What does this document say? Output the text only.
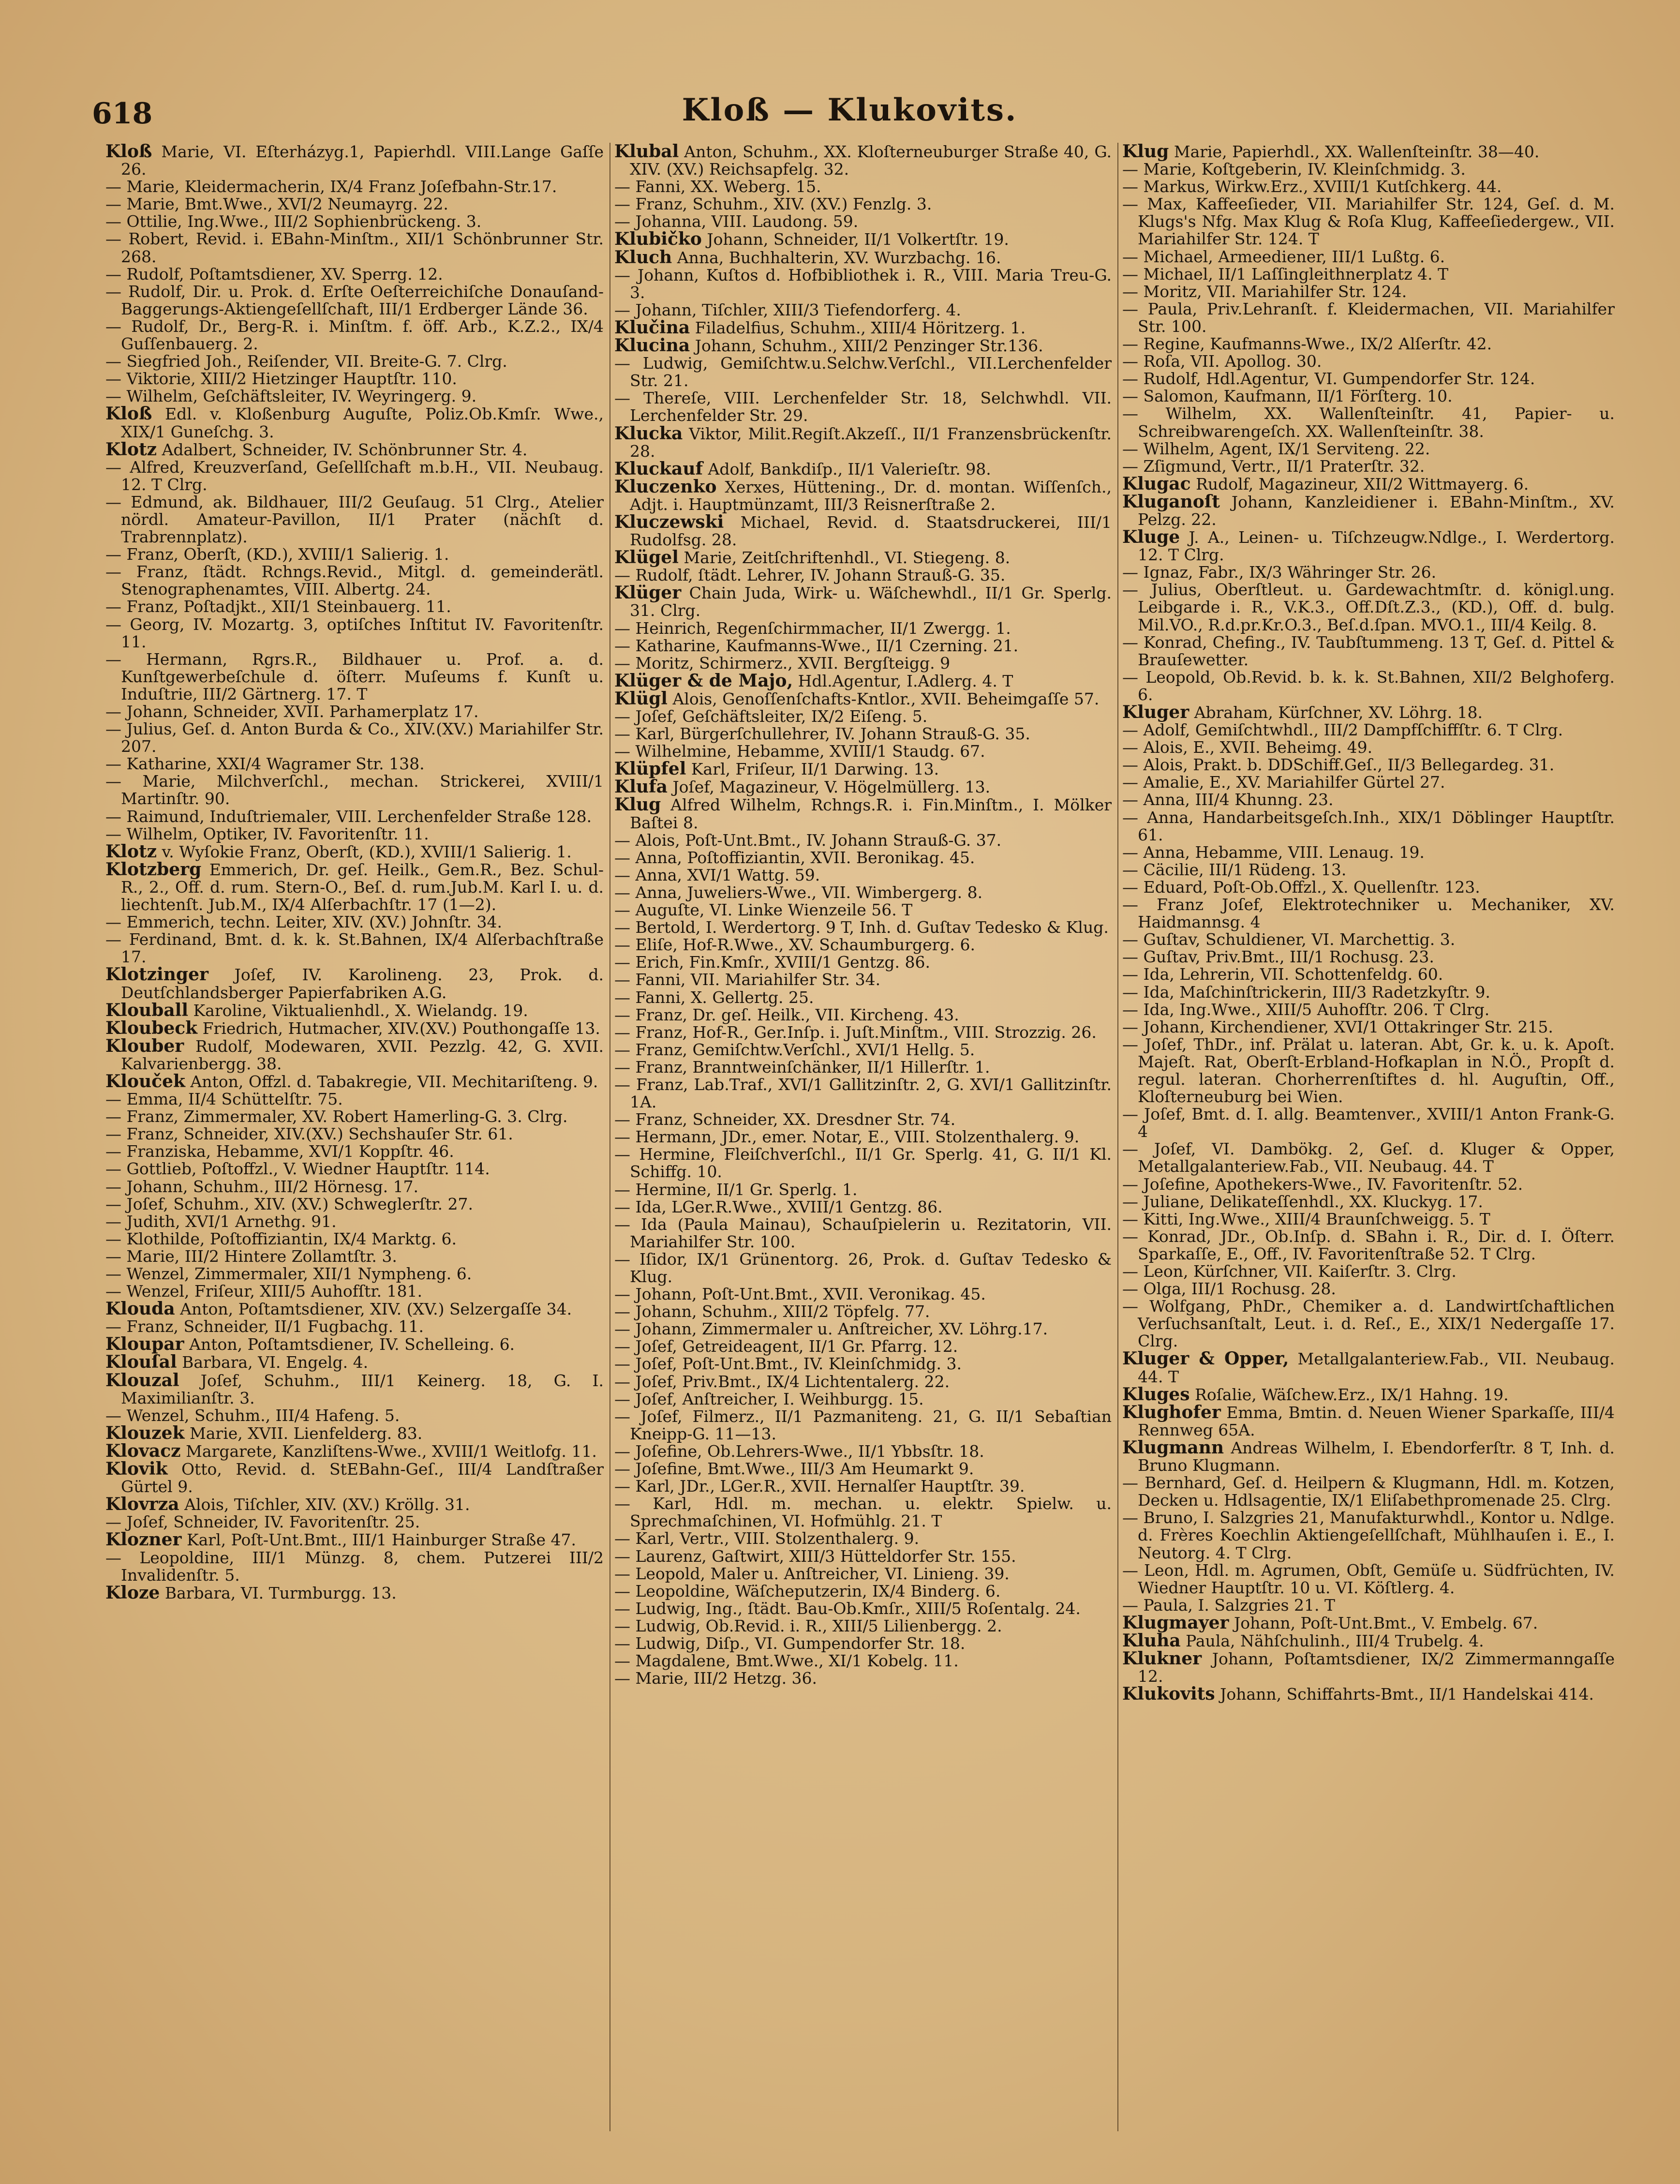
618	Kloß — Klukovits.

Kloß Marie, VI. Eſterházyg.1, Papierhdl. VIII.Lange Gaſſe 26.

— Marie, Kleidermacherin, IX/4 Franz Joſefbahn-Str.17.

— Marie, Bmt.Wwe., XVI/2 Neumayrg. 22.

— Ottilie, Ing.Wwe., III/2 Sophienbrückeng. 3.

— Robert, Revid. i. EBahn-Minſtm., XII/1 Schönbrunner Str. 268.

— Rudolf, Poſtamtsdiener, XV. Sperrg. 12.

— Rudolf, Dir. u. Prok. d. Erſte Oeſterreichiſche Donauſand-Baggerungs-Aktiengeſellſchaft, III/1 Erdberger Lände 36.

— Rudolf, Dr., Berg-R. i. Minſtm. f. öff. Arb., K.Z.2., IX/4 Guſſenbauerg. 2.

— Siegfried Joh., Reiſender, VII. Breite-G. 7. Clrg.

— Viktorie, XIII/2 Hietzinger Hauptſtr. 110.

— Wilhelm, Geſchäftsleiter, IV. Weyringerg. 9.

Kloß Edl. v. Kloßenburg Auguſte, Poliz.Ob.Kmſr. Wwe., XIX/1 Guneſchg. 3.

Klotz Adalbert, Schneider, IV. Schönbrunner Str. 4.

— Alfred, Kreuzverſand, Geſellſchaft m.b.H., VII. Neubaug. 12. T Clrg.

— Edmund, ak. Bildhauer, III/2 Geuſaug. 51 Clrg., Atelier nördl. Amateur-Pavillon, II/1 Prater (nächſt d. Trabrennplatz).

— Franz, Oberſt, (KD.), XVIII/1 Salierig. 1.

— Franz, ſtädt. Rchngs.Revid., Mitgl. d. gemeinderätl. Stenographenamtes, VIII. Albertg. 24.

— Franz, Poſtadjkt., XII/1 Steinbauerg. 11.

— Georg, IV. Mozartg. 3, optiſches Inſtitut IV. Favoritenſtr. 11.

— Hermann, Rgrs.R., Bildhauer u. Prof. a. d. Kunſtgewerbeſchule d. öſterr. Muſeums f. Kunſt u. Induſtrie, III/2 Gärtnerg. 17. T

— Johann, Schneider, XVII. Parhamerplatz 17.

— Julius, Geſ. d. Anton Burda & Co., XIV.(XV.) Mariahilfer Str. 207.

— Katharine, XXI/4 Wagramer Str. 138.

— Marie, Milchverſchl., mechan. Strickerei, XVIII/1 Martinſtr. 90.

— Raimund, Induſtriemaler, VIII. Lerchenfelder Straße 128.

— Wilhelm, Optiker, IV. Favoritenſtr. 11.

Klotz v. Wyſokie Franz, Oberſt, (KD.), XVIII/1 Salierig. 1.

Klotzberg Emmerich, Dr. geſ. Heilk., Gem.R., Bez. Schul-R., 2., Off. d. rum. Stern-O., Beſ. d. rum.Jub.M. Karl I. u. d. liechtenſt. Jub.M., IX/4 Alſerbachſtr. 17 (1—2).

— Emmerich, techn. Leiter, XIV. (XV.) Johnſtr. 34.

— Ferdinand, Bmt. d. k. k. St.Bahnen, IX/4 Alſerbachſtraße 17.

Klotzinger Joſef, IV. Karolineng. 23, Prok. d. Deutſchlandsberger Papierfabriken A.G.

Klouball Karoline, Viktualienhdl., X. Wielandg. 19.

Kloubeck Friedrich, Hutmacher, XIV.(XV.) Pouthongaſſe 13.

Klouber Rudolf, Modewaren, XVII. Pezzlg. 42, G. XVII. Kalvarienbergg. 38.

Klouček Anton, Offzl. d. Tabakregie, VII. Mechitariſteng. 9.

— Emma, II/4 Schüttelſtr. 75.

— Franz, Zimmermaler, XV. Robert Hamerling-G. 3. Clrg.

— Franz, Schneider, XIV.(XV.) Sechshauſer Str. 61.

— Franziska, Hebamme, XVI/1 Koppſtr. 46.

— Gottlieb, Poſtoffzl., V. Wiedner Hauptſtr. 114.

— Johann, Schuhm., III/2 Hörnesg. 17.

— Joſef, Schuhm., XIV. (XV.) Schweglerſtr. 27.

— Judith, XVI/1 Arnethg. 91.

— Klothilde, Poſtoffiziantin, IX/4 Marktg. 6.

— Marie, III/2 Hintere Zollamtſtr. 3.

— Wenzel, Zimmermaler, XII/1 Nympheng. 6.

— Wenzel, Friſeur, XIII/5 Auhofſtr. 181.

Klouda Anton, Poſtamtsdiener, XIV. (XV.) Selzergaſſe 34.

— Franz, Schneider, II/1 Fugbachg. 11.

Kloupar Anton, Poſtamtsdiener, IV. Schelleing. 6.

Klouſal Barbara, VI. Engelg. 4.

Klouzal Joſef, Schuhm., III/1 Keinerg. 18, G. I. Maximilianſtr. 3.

— Wenzel, Schuhm., III/4 Hafeng. 5.

Klouzek Marie, XVII. Lienfelderg. 83.

Klovacz Margarete, Kanzliſtens-Wwe., XVIII/1 Weitlofg. 11.

Klovik Otto, Revid. d. StEBahn-Geſ., III/4 Landſtraßer Gürtel 9.

Klovrza Alois, Tiſchler, XIV. (XV.) Kröllg. 31.

— Joſef, Schneider, IV. Favoritenſtr. 25.

Klozner Karl, Poſt-Unt.Bmt., III/1 Hainburger Straße 47.

— Leopoldine, III/1 Münzg. 8, chem. Putzerei III/2 Invalidenſtr. 5.

Kloze Barbara, VI. Turmburgg. 13.

Klubal Anton, Schuhm., XX. Kloſterneuburger Straße 40, G. XIV. (XV.) Reichsapfelg. 32.

— Fanni, XX. Weberg. 15.

— Franz, Schuhm., XIV. (XV.) Fenzlg. 3.

— Johanna, VIII. Laudong. 59.

Klubičko Johann, Schneider, II/1 Volkertſtr. 19.

Kluch Anna, Buchhalterin, XV. Wurzbachg. 16.

— Johann, Kuſtos d. Hofbibliothek i. R., VIII. Maria Treu-G. 3.

— Johann, Tiſchler, XIII/3 Tiefendorferg. 4.

Klučina Filadelfius, Schuhm., XIII/4 Höritzerg. 1.

Klucina Johann, Schuhm., XIII/2 Penzinger Str.136.

— Ludwig, Gemiſchtw.u.Selchw.Verſchl., VII.Lerchenfelder Str. 21.

— Thereſe, VIII. Lerchenfelder Str. 18, Selchwhdl. VII. Lerchenfelder Str. 29.

Klucka Viktor, Milit.Regiſt.Akzeſſ., II/1 Franzensbrückenſtr. 28.

Kluckauf Adolf, Bankdiſp., II/1 Valerieſtr. 98.

Kluczenko Xerxes, Hüttening., Dr. d. montan. Wiſſenſch., Adjt. i. Hauptmünzamt, III/3 Reisnerſtraße 2.

Kluczewski Michael, Revid. d. Staatsdruckerei, III/1 Rudolfsg. 28.

Klügel Marie, Zeitſchriftenhdl., VI. Stiegeng. 8.

— Rudolf, ſtädt. Lehrer, IV. Johann Strauß-G. 35.

Klüger Chain Juda, Wirk- u. Wäſchewhdl., II/1 Gr. Sperlg. 31. Clrg.

— Heinrich, Regenſchirmmacher, II/1 Zwergg. 1.

— Katharine, Kaufmanns-Wwe., II/1 Czerning. 21.

— Moritz, Schirmerz., XVII. Bergſteigg. 9

Klüger & de Majo, Hdl.Agentur, I.Adlerg. 4. T

Klügl Alois, Genoſſenſchafts-Kntlor., XVII. Beheimgaſſe 57.

— Joſef, Geſchäftsleiter, IX/2 Eiſeng. 5.

— Karl, Bürgerſchullehrer, IV. Johann Strauß-G. 35.

— Wilhelmine, Hebamme, XVIII/1 Staudg. 67.

Klüpfel Karl, Friſeur, II/1 Darwing. 13.

Klufa Joſef, Magazineur, V. Högelmüllerg. 13.

Klug Alfred Wilhelm, Rchngs.R. i. Fin.Minſtm., I. Mölker Baſtei 8.

— Alois, Poſt-Unt.Bmt., IV. Johann Strauß-G. 37.

— Anna, Poſtoffiziantin, XVII. Beronikag. 45.

— Anna, XVI/1 Wattg. 59.

— Anna, Juweliers-Wwe., VII. Wimbergerg. 8.

— Auguſte, VI. Linke Wienzeile 56. T

— Bertold, I. Werdertorg. 9 T, Inh. d. Guſtav Tedesko & Klug.

— Eliſe, Hof-R.Wwe., XV. Schaumburgerg. 6.

— Erich, Fin.Kmſr., XVIII/1 Gentzg. 86.

— Fanni, VII. Mariahilfer Str. 34.

— Fanni, X. Gellertg. 25.

— Franz, Dr. geſ. Heilk., VII. Kircheng. 43.

— Franz, Hof-R., Ger.Inſp. i. Juſt.Minſtm., VIII. Strozzig. 26.

— Franz, Gemiſchtw.Verſchl., XVI/1 Hellg. 5.

— Franz, Branntweinſchänker, II/1 Hillerſtr. 1.

— Franz, Lab.Traf., XVI/1 Gallitzinſtr. 2, G. XVI/1 Gallitzinſtr. 1A.

— Franz, Schneider, XX. Dresdner Str. 74.

— Hermann, JDr., emer. Notar, E., VIII. Stolzenthalerg. 9.

— Hermine, Fleiſchverſchl., II/1 Gr. Sperlg. 41, G. II/1 Kl. Schiffg. 10.

— Hermine, II/1 Gr. Sperlg. 1.

— Ida, LGer.R.Wwe., XVIII/1 Gentzg. 86.

— Ida (Paula Mainau), Schauſpielerin u. Rezitatorin, VII. Mariahilfer Str. 100.

— Iſidor, IX/1 Grünentorg. 26, Prok. d. Guſtav Tedesko & Klug.

— Johann, Poſt-Unt.Bmt., XVII. Veronikag. 45.

— Johann, Schuhm., XIII/2 Töpfelg. 77.

— Johann, Zimmermaler u. Anſtreicher, XV. Löhrg.17.

— Joſef, Getreideagent, II/1 Gr. Pfarrg. 12.

— Joſef, Poſt-Unt.Bmt., IV. Kleinſchmidg. 3.

— Joſef, Priv.Bmt., IX/4 Lichtentalerg. 22.

— Joſef, Anſtreicher, I. Weihburgg. 15.

— Joſef, Filmerz., II/1 Pazmaniteng. 21, G. II/1 Sebaſtian Kneipp-G. 11—13.

— Joſefine, Ob.Lehrers-Wwe., II/1 Ybbsſtr. 18.

— Joſefine, Bmt.Wwe., III/3 Am Heumarkt 9.

— Karl, JDr., LGer.R., XVII. Hernalſer Hauptſtr. 39.

— Karl, Hdl. m. mechan. u. elektr. Spielw. u. Sprechmaſchinen, VI. Hofmühlg. 21. T

— Karl, Vertr., VIII. Stolzenthalerg. 9.

— Laurenz, Gaſtwirt, XIII/3 Hütteldorfer Str. 155.

— Leopold, Maler u. Anſtreicher, VI. Linieng. 39.

— Leopoldine, Wäſcheputzerin, IX/4 Binderg. 6.

— Ludwig, Ing., ſtädt. Bau-Ob.Kmſr., XIII/5 Roſentalg. 24.

— Ludwig, Ob.Revid. i. R., XIII/5 Lilienbergg. 2.

— Ludwig, Diſp., VI. Gumpendorfer Str. 18.

— Magdalene, Bmt.Wwe., XI/1 Kobelg. 11.

— Marie, III/2 Hetzg. 36.

Klug Marie, Papierhdl., XX. Wallenſteinſtr. 38—40.

— Marie, Koſtgeberin, IV. Kleinſchmidg. 3.

— Markus, Wirkw.Erz., XVIII/1 Kutſchkerg. 44.

— Max, Kaffeeſieder, VII. Mariahilfer Str. 124, Geſ. d. M. Klugs's Nfg. Max Klug & Roſa Klug, Kaffeeſiedergew., VII. Mariahilfer Str. 124. T

— Michael, Armeediener, III/1 Lußtg. 6.

— Michael, II/1 Laſſingleithnerplatz 4. T

— Moritz, VII. Mariahilfer Str. 124.

— Paula, Priv.Lehranſt. f. Kleidermachen, VII. Mariahilfer Str. 100.

— Regine, Kaufmanns-Wwe., IX/2 Alſerſtr. 42.

— Roſa, VII. Apollog. 30.

— Rudolf, Hdl.Agentur, VI. Gumpendorfer Str. 124.

— Salomon, Kaufmann, II/1 Förſterg. 10.

— Wilhelm, XX. Wallenſteinſtr. 41, Papier- u. Schreibwarengeſch. XX. Wallenſteinſtr. 38.

— Wilhelm, Agent, IX/1 Serviteng. 22.

— Zſigmund, Vertr., II/1 Praterſtr. 32.

Klugac Rudolf, Magazineur, XII/2 Wittmayerg. 6.

Kluganoſt Johann, Kanzleidiener i. EBahn-Minſtm., XV. Pelzg. 22.

Kluge J. A., Leinen- u. Tiſchzeugw.Ndlge., I. Werdertorg. 12. T Clrg.

— Ignaz, Fabr., IX/3 Währinger Str. 26.

— Julius, Oberſtleut. u. Gardewachtmſtr. d. königl.ung. Leibgarde i. R., V.K.3., Off.Dſt.Z.3., (KD.), Off. d. bulg. Mil.VO., R.d.pr.Kr.O.3., Beſ.d.ſpan. MVO.1., III/4 Keilg. 8.

— Konrad, Chefing., IV. Taubſtummeng. 13 T, Geſ. d. Pittel & Brauſewetter.

— Leopold, Ob.Revid. b. k. k. St.Bahnen, XII/2 Belghoferg. 6.

Kluger Abraham, Kürſchner, XV. Löhrg. 18.

— Adolf, Gemiſchtwhdl., III/2 Dampfſchiffſtr. 6. T Clrg.

— Alois, E., XVII. Beheimg. 49.

— Alois, Prakt. b. DDSchiff.Geſ., II/3 Bellegardeg. 31.

— Amalie, E., XV. Mariahilfer Gürtel 27.

— Anna, III/4 Khunng. 23.

— Anna, Handarbeitsgeſch.Inh., XIX/1 Döblinger Hauptſtr. 61.

— Anna, Hebamme, VIII. Lenaug. 19.

— Cäcilie, III/1 Rüdeng. 13.

— Eduard, Poſt-Ob.Offzl., X. Quellenſtr. 123.

— Franz Joſef, Elektrotechniker u. Mechaniker, XV. Haidmannsg. 4

— Guſtav, Schuldiener, VI. Marchettig. 3.

— Guſtav, Priv.Bmt., III/1 Rochusg. 23.

— Ida, Lehrerin, VII. Schottenfeldg. 60.

— Ida, Maſchinſtrickerin, III/3 Radetzkyſtr. 9.

— Ida, Ing.Wwe., XIII/5 Auhofſtr. 206. T Clrg.

— Johann, Kirchendiener, XVI/1 Ottakringer Str. 215.

— Joſef, ThDr., inf. Prälat u. lateran. Abt, Gr. k. u. k. Apoſt. Majeſt. Rat, Oberſt-Erbland-Hofkaplan in N.Ö., Propſt d. regul. lateran. Chorherrenſtiftes d. hl. Auguſtin, Off., Kloſterneuburg bei Wien.

— Joſef, Bmt. d. I. allg. Beamtenver., XVIII/1 Anton Frank-G. 4

— Joſef, VI. Dambökg. 2, Geſ. d. Kluger & Opper, Metallgalanteriew.Fab., VII. Neubaug. 44. T

— Joſefine, Apothekers-Wwe., IV. Favoritenſtr. 52.

— Juliane, Delikateſſenhdl., XX. Kluckyg. 17.

— Kitti, Ing.Wwe., XIII/4 Braunſchweigg. 5. T

— Konrad, JDr., Ob.Inſp. d. SBahn i. R., Dir. d. I. Öſterr. Sparkaſſe, E., Off., IV. Favoritenſtraße 52. T Clrg.

— Leon, Kürſchner, VII. Kaiſerſtr. 3. Clrg.

— Olga, III/1 Rochusg. 28.

— Wolfgang, PhDr., Chemiker a. d. Landwirtſchaftlichen Verſuchsanſtalt, Leut. i. d. Reſ., E., XIX/1 Nedergaſſe 17. Clrg.

Kluger & Opper, Metallgalanteriew.Fab., VII. Neubaug. 44. T

Kluges Roſalie, Wäſchew.Erz., IX/1 Hahng. 19.

Klughofer Emma, Bmtin. d. Neuen Wiener Sparkaſſe, III/4 Rennweg 65A.

Klugmann Andreas Wilhelm, I. Ebendorferſtr. 8 T, Inh. d. Bruno Klugmann.

— Bernhard, Geſ. d. Heilpern & Klugmann, Hdl. m. Kotzen, Decken u. Hdlsagentie, IX/1 Eliſabethpromenade 25. Clrg.

— Bruno, I. Salzgries 21, Manufakturwhdl., Kontor u. Ndlge. d. Frères Koechlin Aktiengeſellſchaft, Mühlhauſen i. E., I. Neutorg. 4. T Clrg.

— Leon, Hdl. m. Agrumen, Obſt, Gemüſe u. Südfrüchten, IV. Wiedner Hauptſtr. 10 u. VI. Köſtlerg. 4.

— Paula, I. Salzgries 21. T

Klugmayer Johann, Poſt-Unt.Bmt., V. Embelg. 67.

Kluha Paula, Nähſchulinh., III/4 Trubelg. 4.

Klukner Johann, Poſtamtsdiener, IX/2 Zimmermanngaſſe 12.

Klukovits Johann, Schiffahrts-Bmt., II/1 Handelskai 414.
